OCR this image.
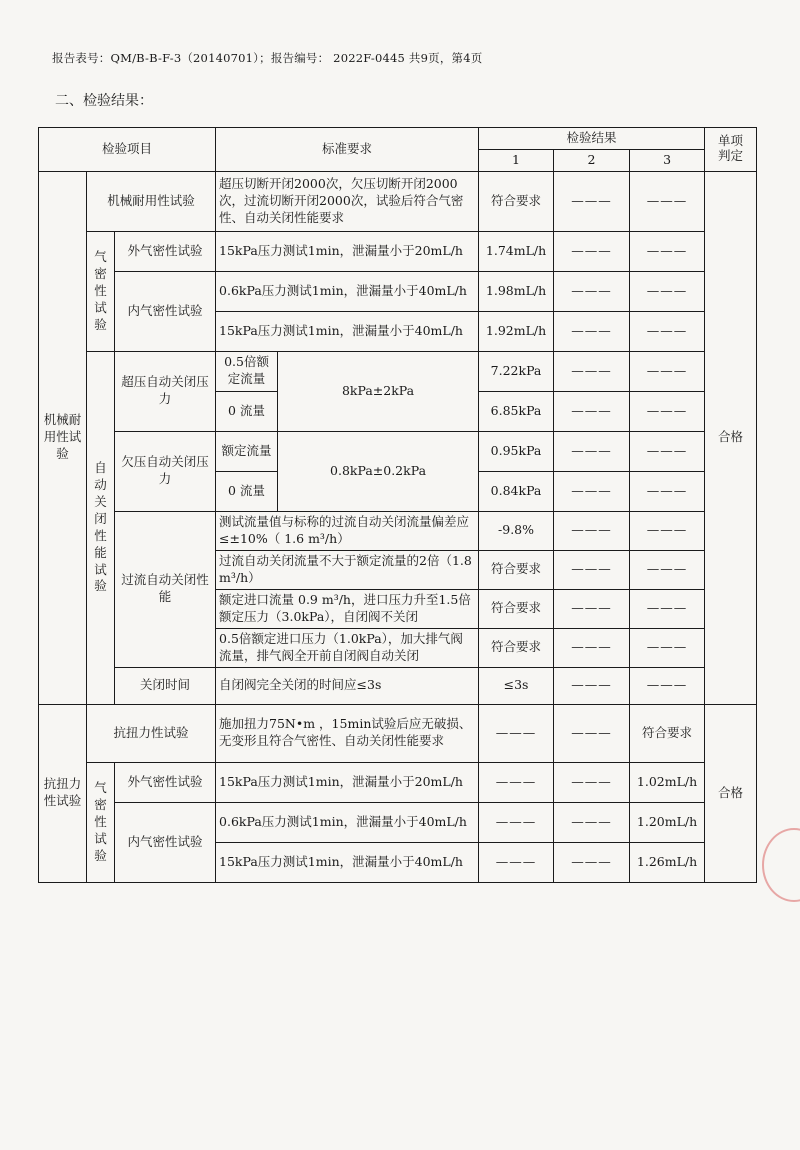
报告表号：QM/B-B-F-3（20140701）；报告编号： 2022F-0445 共9页，第4页
二、检验结果：
检验项目			标准要求		检验结果			单项判定
					1	2	3	
机械耐用性试验	机械耐用性试验		超压切断开闭2000次，欠压切断开闭2000次，过流切断开闭2000次，试验后符合气密性、自动关闭性能要求		符合要求	———	———	合格
	气密性试验	外气密性试验	15kPa压力测试1min，泄漏量小于20mL/h		1.74mL/h	———	———	
		内气密性试验	0.6kPa压力测试1min，泄漏量小于40mL/h		1.98mL/h	———	———	
			15kPa压力测试1min，泄漏量小于40mL/h		1.92mL/h	———	———	
	自动关闭性能试验	超压自动关闭压力	0.5倍额定流量	8kPa±2kPa	7.22kPa	———	———	
			0 流量		6.85kPa	———	———	
		欠压自动关闭压力	额定流量	0.8kPa±0.2kPa	0.95kPa	———	———	
			0 流量		0.84kPa	———	———	
		过流自动关闭性能	测试流量值与标称的过流自动关闭流量偏差应≤±10%（ 1.6 m³/h）		-9.8%	———	———	
			过流自动关闭流量不大于额定流量的2倍（1.8 m³/h）		符合要求	———	———	
			额定进口流量 0.9 m³/h，进口压力升至1.5倍额定压力（3.0kPa），自闭阀不关闭		符合要求	———	———	
			0.5倍额定进口压力（1.0kPa），加大排气阀流量，排气阀全开前自闭阀自动关闭		符合要求	———	———	
		关闭时间	自闭阀完全关闭的时间应≤3s		≤3s	———	———	
抗扭力性试验	抗扭力性试验		施加扭力75N•m ，15min试验后应无破损、无变形且符合气密性、自动关闭性能要求		———	———	符合要求	合格
	气密性试验	外气密性试验	15kPa压力测试1min，泄漏量小于20mL/h		———	———	1.02mL/h	
		内气密性试验	0.6kPa压力测试1min，泄漏量小于40mL/h		———	———	1.20mL/h	
			15kPa压力测试1min，泄漏量小于40mL/h		———	———	1.26mL/h	
